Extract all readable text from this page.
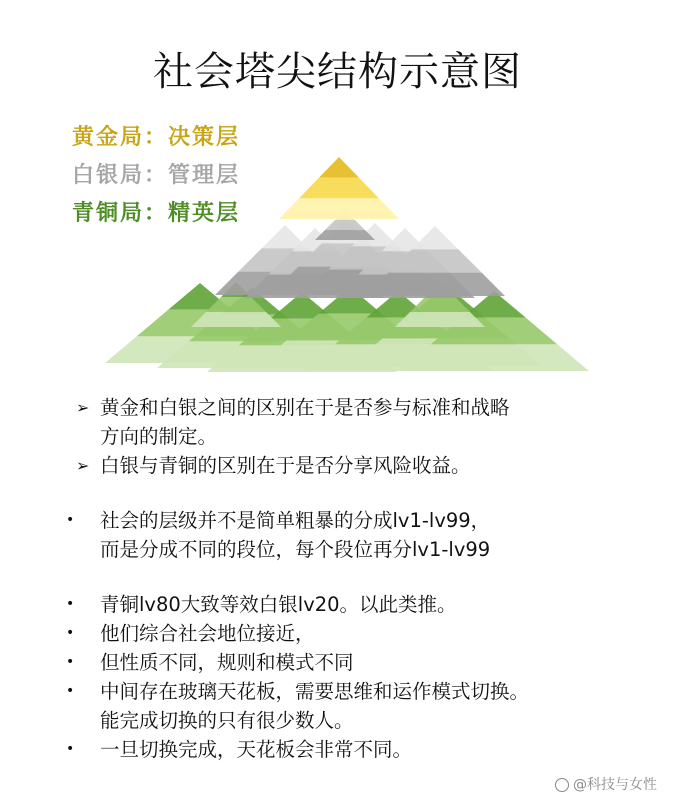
社会塔尖结构示意图
黄金局：决策层
白银局：管理层
青铜局：精英层
➢ 黄金和白银之间的区别在于是否参与标准和战略
方向的制定。
➢ 白银与青铜的区别在于是否分享风险收益。
•	社会的层级并不是简单粗暴的分成lv1-lv99，
而是分成不同的段位，每个段位再分lv1-lv99
•	青铜lv80大致等效白银lv20。以此类推。
•	他们综合社会地位接近，
•	但性质不同，规则和模式不同
•	中间存在玻璃天花板，需要思维和运作模式切换。
能完成切换的只有很少数人。
•	一旦切换完成，天花板会非常不同。
@科技与女性
